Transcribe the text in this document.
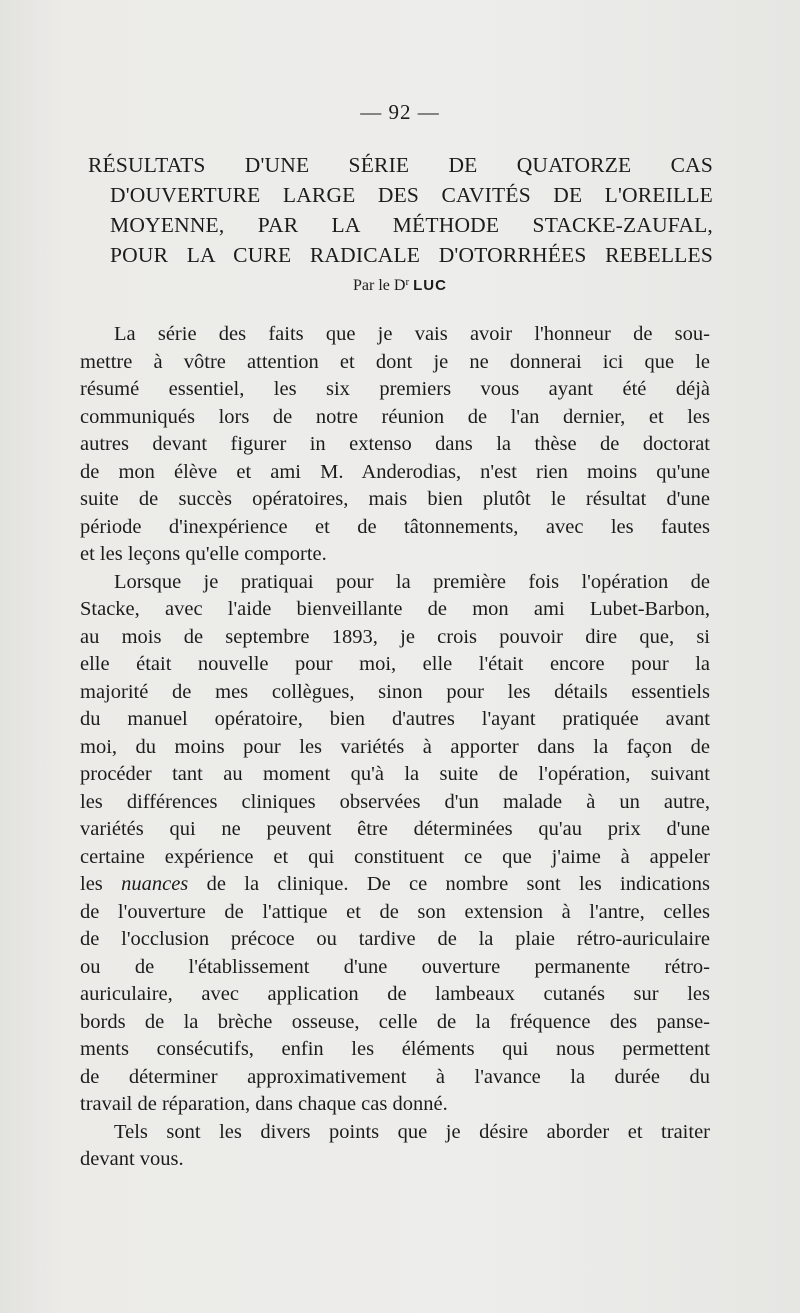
— 92 —
RÉSULTATS D'UNE SÉRIE DE QUATORZE CAS
D'OUVERTURE LARGE DES CAVITÉS DE L'OREILLE
MOYENNE, PAR LA MÉTHODE STACKE-ZAUFAL,
POUR LA CURE RADICALE D'OTORRHÉES REBELLES
Par le $D^r$ LUC
La série des faits que je vais avoir l'honneur de sou-
mettre à vôtre attention et dont je ne donnerai ici que le
résumé essentiel, les six premiers vous ayant été déjà
communiqués lors de notre réunion de l'an dernier, et les
autres devant figurer in extenso dans la thèse de doctorat
de mon élève et ami M. Anderodias, n'est rien moins qu'une
suite de succès opératoires, mais bien plutôt le résultat d'une
période d'inexpérience et de tâtonnements, avec les fautes
et les leçons qu'elle comporte.
Lorsque je pratiquai pour la première fois l'opération de
Stacke, avec l'aide bienveillante de mon ami Lubet-Barbon,
au mois de septembre 1893, je crois pouvoir dire que, si
elle était nouvelle pour moi, elle l'était encore pour la
majorité de mes collègues, sinon pour les détails essentiels
du manuel opératoire, bien d'autres l'ayant pratiquée avant
moi, du moins pour les variétés à apporter dans la façon de
procéder tant au moment qu'à la suite de l'opération, suivant
les différences cliniques observées d'un malade à un autre,
variétés qui ne peuvent être déterminées qu'au prix d'une
certaine expérience et qui constituent ce que j'aime à appeler
les nuances de la clinique. De ce nombre sont les indications
de l'ouverture de l'attique et de son extension à l'antre, celles
de l'occlusion précoce ou tardive de la plaie rétro-auriculaire
ou de l'établissement d'une ouverture permanente rétro-
auriculaire, avec application de lambeaux cutanés sur les
bords de la brèche osseuse, celle de la fréquence des panse-
ments consécutifs, enfin les éléments qui nous permettent
de déterminer approximativement à l'avance la durée du
travail de réparation, dans chaque cas donné.
Tels sont les divers points que je désire aborder et traiter
devant vous.
